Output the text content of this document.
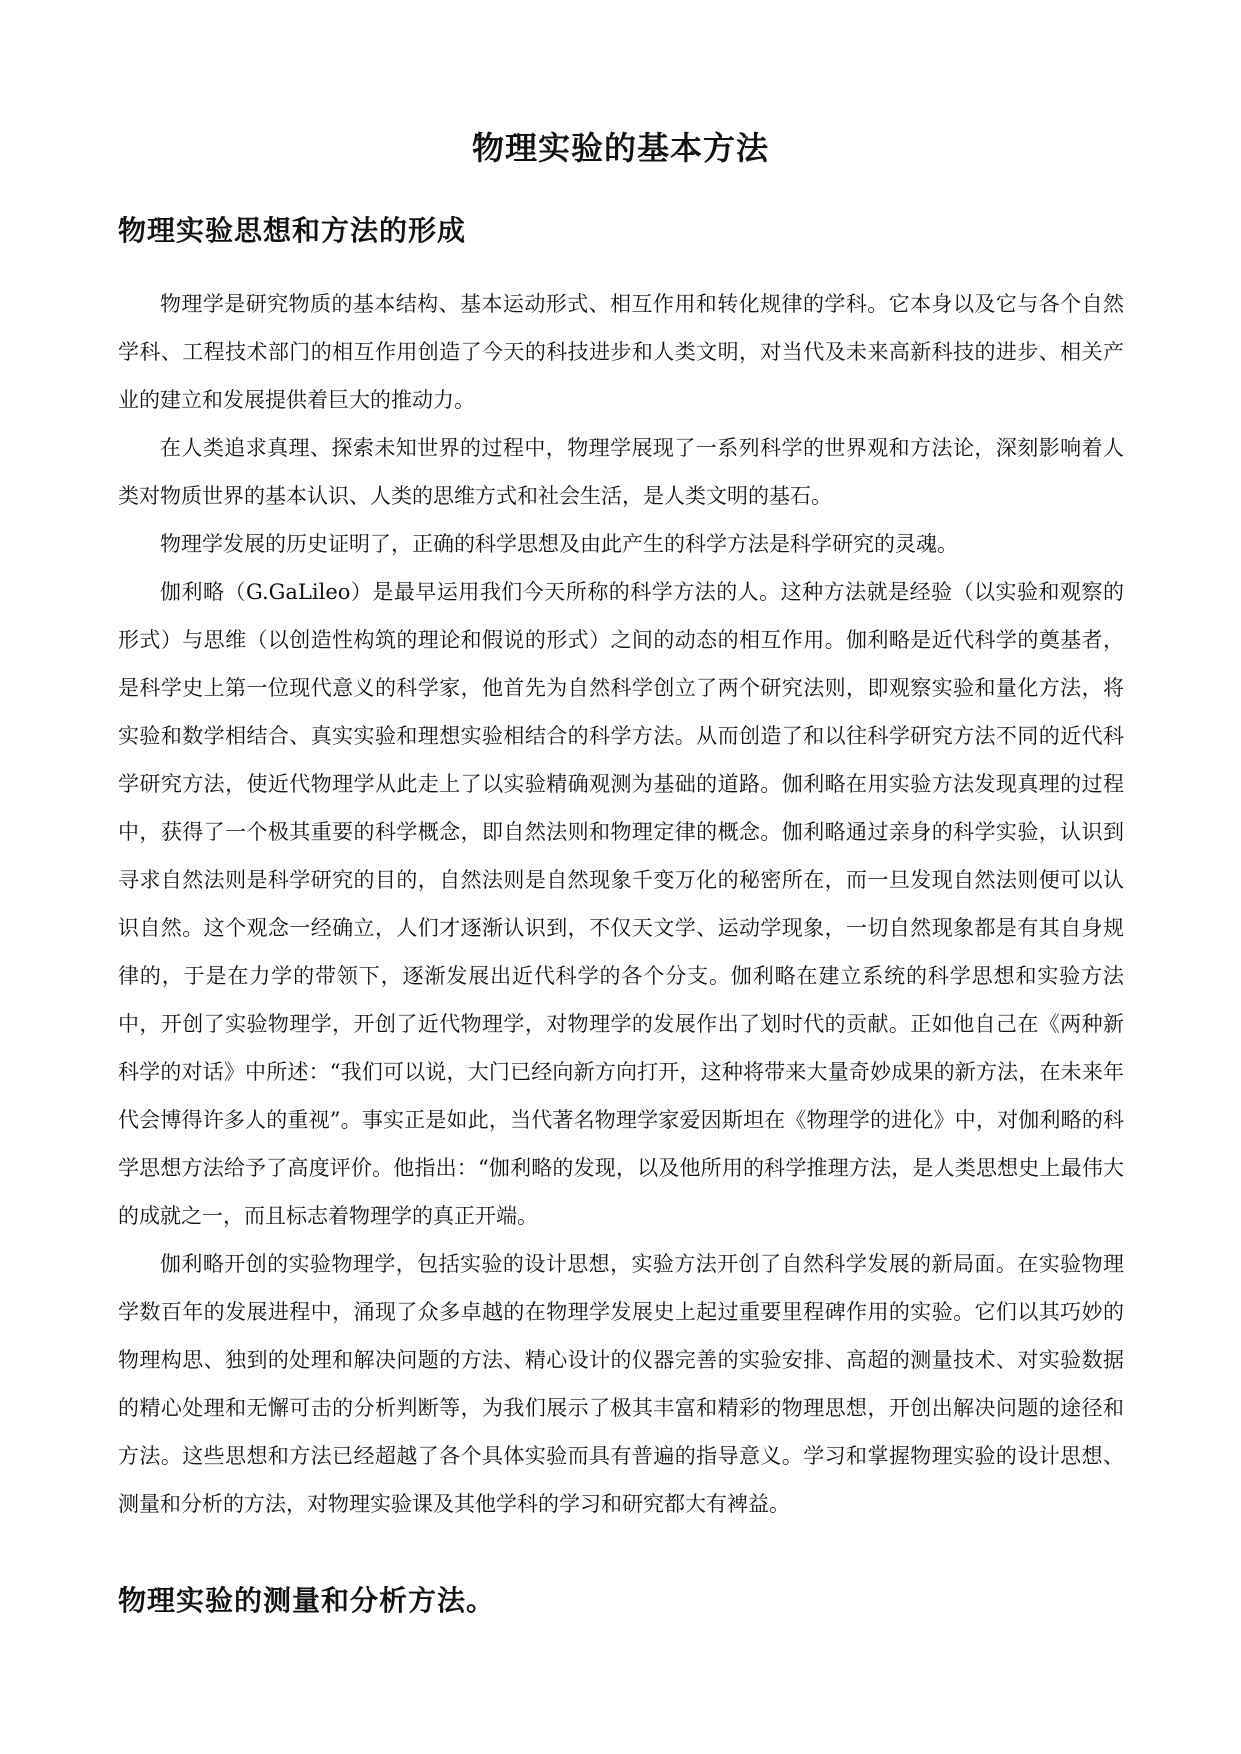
物理实验的基本方法
物理实验思想和方法的形成

物理学是研究物质的基本结构、基本运动形式、相互作用和转化规律的学科。它本身以及它与各个自然学科、工程技术部门的相互作用创造了今天的科技进步和人类文明，对当代及未来高新科技的进步、相关产业的建立和发展提供着巨大的推动力。

在人类追求真理、探索未知世界的过程中，物理学展现了一系列科学的世界观和方法论，深刻影响着人类对物质世界的基本认识、人类的思维方式和社会生活，是人类文明的基石。

物理学发展的历史证明了，正确的科学思想及由此产生的科学方法是科学研究的灵魂。

伽利略（G.GaLileo）是最早运用我们今天所称的科学方法的人。这种方法就是经验（以实验和观察的形式）与思维（以创造性构筑的理论和假说的形式）之间的动态的相互作用。伽利略是近代科学的奠基者，是科学史上第一位现代意义的科学家，他首先为自然科学创立了两个研究法则，即观察实验和量化方法，将实验和数学相结合、真实实验和理想实验相结合的科学方法。从而创造了和以往科学研究方法不同的近代科学研究方法，使近代物理学从此走上了以实验精确观测为基础的道路。伽利略在用实验方法发现真理的过程中，获得了一个极其重要的科学概念，即自然法则和物理定律的概念。伽利略通过亲身的科学实验，认识到寻求自然法则是科学研究的目的，自然法则是自然现象千变万化的秘密所在，而一旦发现自然法则便可以认识自然。这个观念一经确立，人们才逐渐认识到，不仅天文学、运动学现象，一切自然现象都是有其自身规律的，于是在力学的带领下，逐渐发展出近代科学的各个分支。伽利略在建立系统的科学思想和实验方法中，开创了实验物理学，开创了近代物理学，对物理学的发展作出了划时代的贡献。正如他自己在《两种新科学的对话》中所述：“我们可以说，大门已经向新方向打开，这种将带来大量奇妙成果的新方法，在未来年代会博得许多人的重视”。事实正是如此，当代著名物理学家爱因斯坦在《物理学的进化》中，对伽利略的科学思想方法给予了高度评价。他指出：“伽利略的发现，以及他所用的科学推理方法，是人类思想史上最伟大的成就之一，而且标志着物理学的真正开端。

伽利略开创的实验物理学，包括实验的设计思想，实验方法开创了自然科学发展的新局面。在实验物理学数百年的发展进程中，涌现了众多卓越的在物理学发展史上起过重要里程碑作用的实验。它们以其巧妙的物理构思、独到的处理和解决问题的方法、精心设计的仪器完善的实验安排、高超的测量技术、对实验数据的精心处理和无懈可击的分析判断等，为我们展示了极其丰富和精彩的物理思想，开创出解决问题的途径和方法。这些思想和方法已经超越了各个具体实验而具有普遍的指导意义。学习和掌握物理实验的设计思想、测量和分析的方法，对物理实验课及其他学科的学习和研究都大有裨益。

物理实验的测量和分析方法。
